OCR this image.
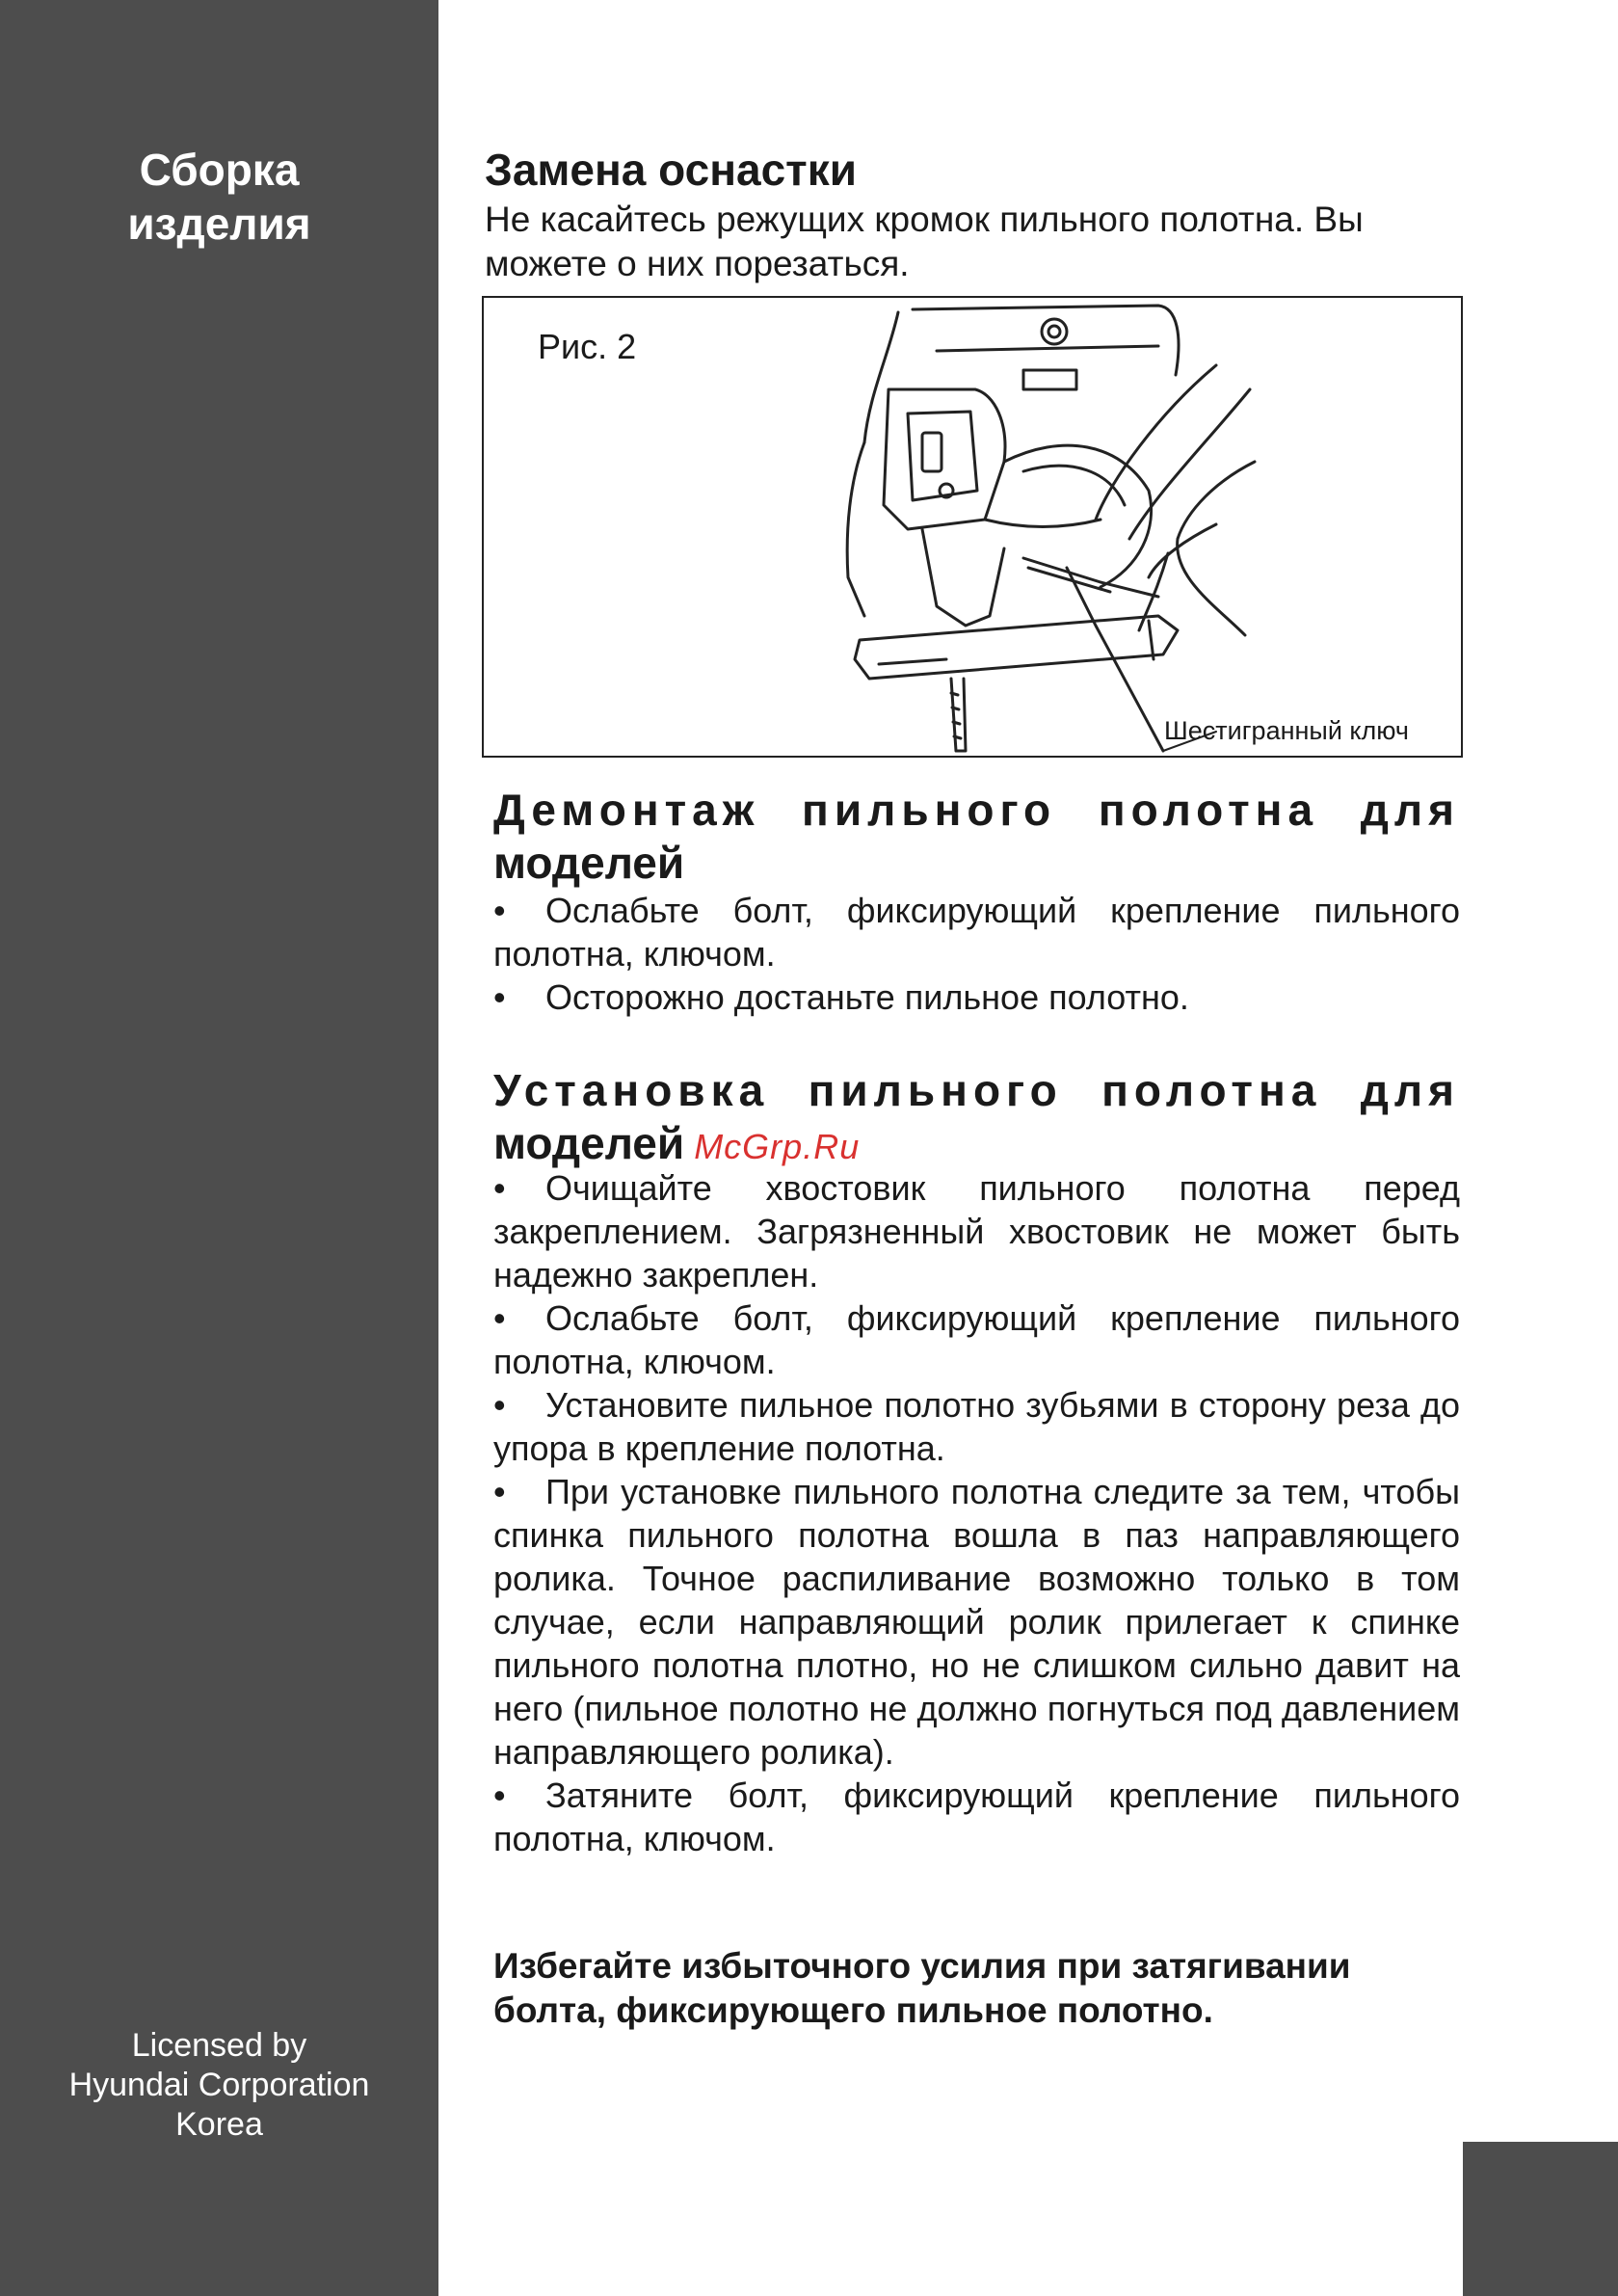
Сборка
изделия
Licensed by
Hyundai Corporation
Korea
Замена оснастки

Не касайтесь режущих кромок пильного полотна. Вы можете о них порезаться.

Рис. 2
Шестигранный ключ
Демонтаж пильного полотна для
моделей

• Ослабьте болт, фиксирующий крепление пильного полотна, ключом.

• Осторожно достаньте пильное полотно.

Установка пильного полотна для
моделей McGrp.Ru

• Очищайте хвостовик пильного полотна перед закреплением. Загрязненный хвостовик не может быть надежно закреплен.

• Ослабьте болт, фиксирующий крепление пильного полотна, ключом.

• Установите пильное полотно зубьями в сторону реза до упора в крепление полотна.

• При установке пильного полотна следите за тем, чтобы спинка пильного полотна вошла в паз направляющего ролика. Точное распиливание возможно только в том случае, если направляющий ролик прилегает к спинке пильного полотна плотно, но не слишком сильно давит на него (пильное полотно не должно погнуться под давлением направляющего ролика).

• Затяните болт, фиксирующий крепление пильного полотна, ключом.

Избегайте избыточного усилия при затягивании болта, фиксирующего пильное полотно.
